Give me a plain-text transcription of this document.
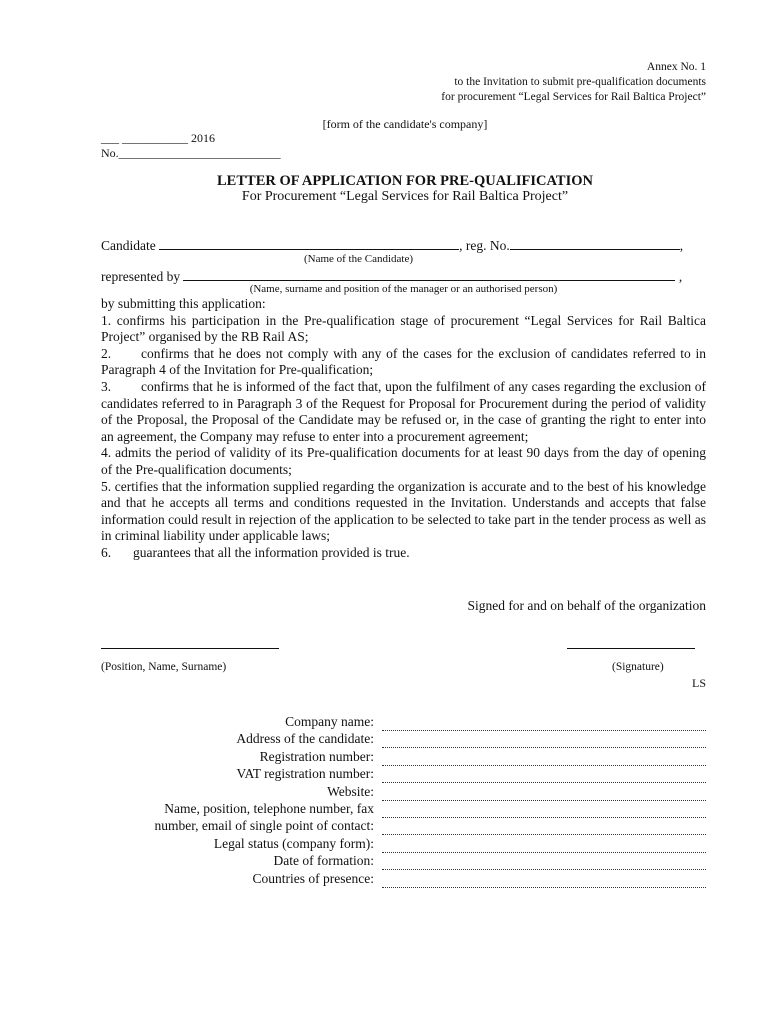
Annex No. 1
to the Invitation to submit pre-qualification documents
for procurement “Legal Services for Rail Baltica Project”
[form of the candidate's company]
___ ___________ 2016
No.___________________________
LETTER OF APPLICATION FOR PRE-QUALIFICATION
For Procurement “Legal Services for Rail Baltica Project”
Candidate	, reg. No.	,
(Name of the Candidate)
represented by	,
(Name, surname and position of the manager or an authorised person)

by submitting this application:

1. confirms his participation in the Pre-qualification stage of procurement “Legal Services for Rail Baltica Project” organised by the RB Rail AS;

2. confirms that he does not comply with any of the cases for the exclusion of candidates referred to in Paragraph 4 of the Invitation for Pre-qualification;

3. confirms that he is informed of the fact that, upon the fulfilment of any cases regarding the exclusion of candidates referred to in Paragraph 3 of the Request for Proposal for Procurement during the period of validity of the Proposal, the Proposal of the Candidate may be refused or, in the case of granting the right to enter into an agreement, the Company may refuse to enter into a procurement agreement;

4. admits the period of validity of its Pre-qualification documents for at least 90 days from the day of opening of the Pre-qualification documents;

5. certifies that the information supplied regarding the organization is accurate and to the best of his knowledge and that he accepts all terms and conditions requested in the Invitation. Understands and accepts that false information could result in rejection of the application to be selected to take part in the tender process as well as in criminal liability under applicable laws;

6. guarantees that all the information provided is true.

Signed for and on behalf of the organization
(Position, Name, Surname)	(Signature)
LS
Company name:	
Address of the candidate:	
Registration number:	
VAT registration number:	
Website:	
Name, position, telephone number, fax	
number, email of single point of contact:	
Legal status (company form):	
Date of formation:	
Countries of presence:	
